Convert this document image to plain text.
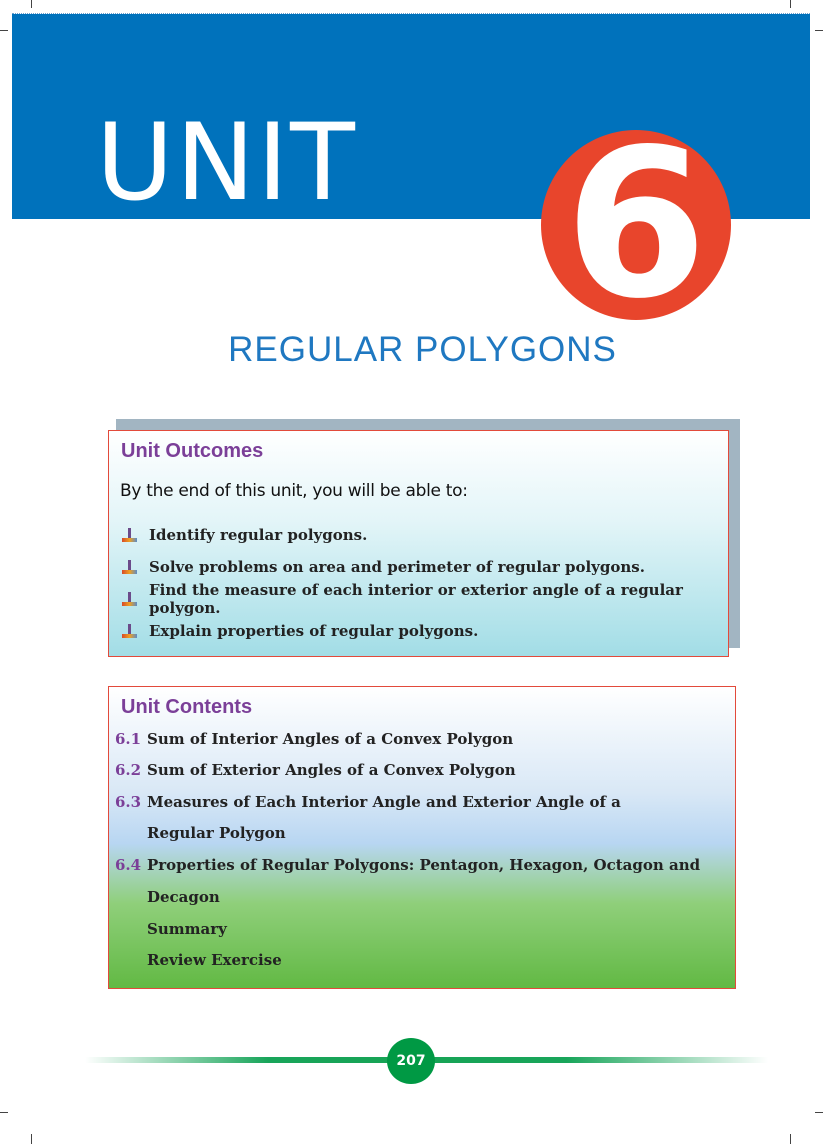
UNIT 6
REGULAR POLYGONS
Unit Outcomes
By the end of this unit, you will be able to:
Identify regular polygons.
Solve problems on area and perimeter of regular polygons.
Find the measure of each interior or exterior angle of a regular polygon.
Explain properties of regular polygons.
Unit Contents
6.1 Sum of Interior Angles of a Convex Polygon
6.2 Sum of Exterior Angles of a Convex Polygon
6.3 Measures of Each Interior Angle and Exterior Angle of a
Regular Polygon
6.4 Properties of Regular Polygons: Pentagon, Hexagon, Octagon and
Decagon
Summary
Review Exercise
207
